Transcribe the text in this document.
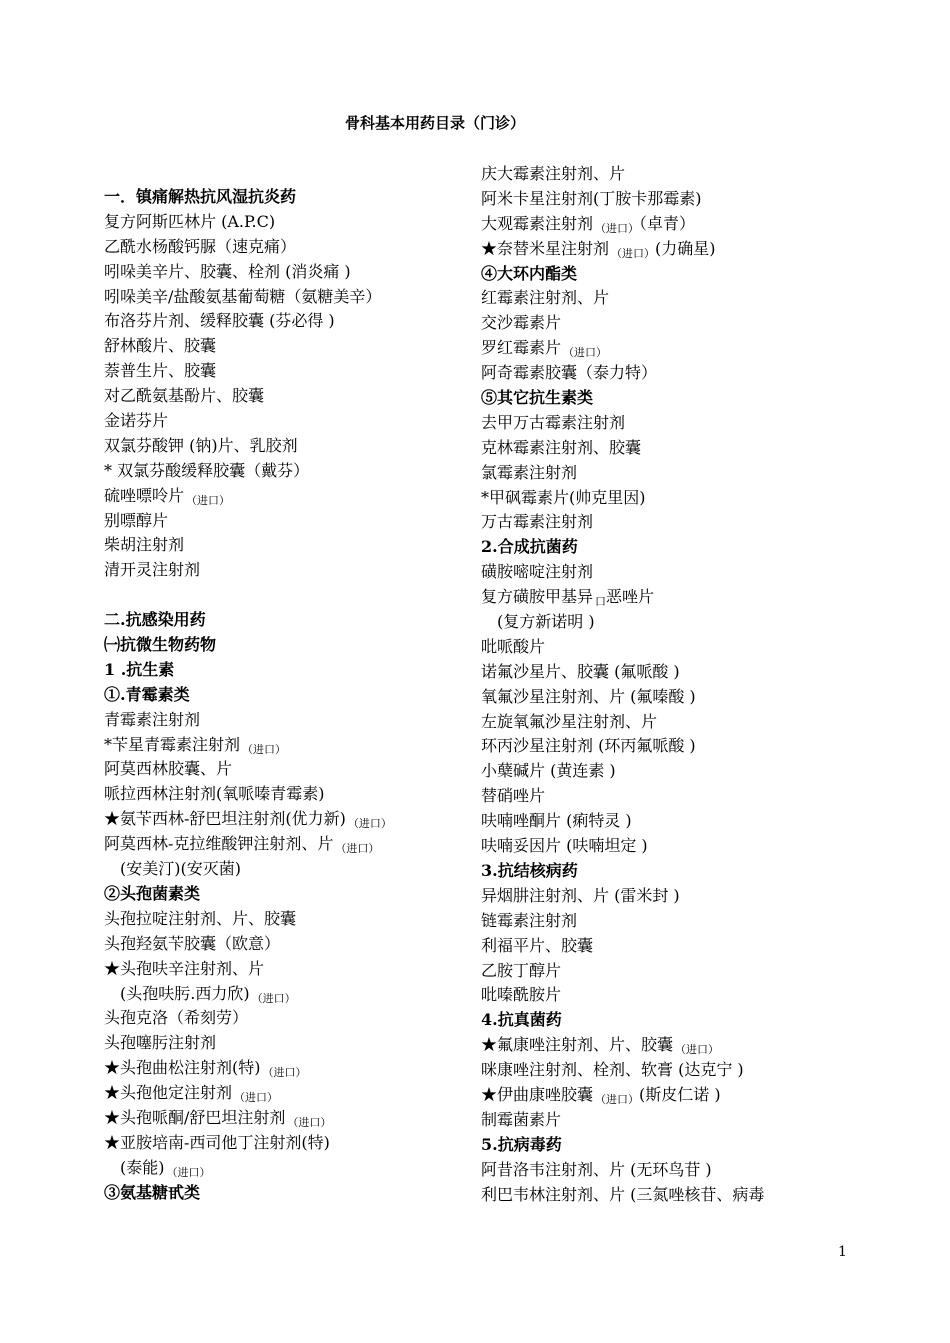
骨科基本用药目录（门诊）
一．镇痛解热抗风湿抗炎药
复方阿斯匹林片 (A.P.C)
乙酰水杨酸钙脲（速克痛）
吲哚美辛片、胶囊、栓剂 (消炎痛 )
吲哚美辛/盐酸氨基葡萄糖（氨糖美辛）
布洛芬片剂、缓释胶囊 (芬必得 )
舒林酸片、胶囊
萘普生片、胶囊
对乙酰氨基酚片、胶囊
金诺芬片
双氯芬酸钾 (钠)片、乳胶剂
* 双氯芬酸缓释胶囊（戴芬）
硫唑嘌呤片 （进口）
别嘌醇片
柴胡注射剂
清开灵注射剂
二.抗感染用药
㈠抗微生物药物
1 .抗生素
①.青霉素类
青霉素注射剂
*苄星青霉素注射剂 （进口）
阿莫西林胶囊、片
哌拉西林注射剂(氧哌嗪青霉素)
★氨苄西林-舒巴坦注射剂(优力新) （进口）
阿莫西林-克拉维酸钾注射剂、片 （进口）
(安美汀)(安灭菌)
②头孢菌素类
头孢拉啶注射剂、片、胶囊
头孢羟氨苄胶囊（欧意）
★头孢呋辛注射剂、片
(头孢呋肟.西力欣) （进口）
头孢克洛（希刻劳）
头孢噻肟注射剂
★头孢曲松注射剂(特) （进口）
★头孢他定注射剂 （进口）
★头孢哌酮/舒巴坦注射剂 （进口）
★亚胺培南-西司他丁注射剂(特)
(泰能) （进口）
③氨基糖甙类
庆大霉素注射剂、片
阿米卡星注射剂(丁胺卡那霉素)
大观霉素注射剂 （进口）（卓青）
★奈替米星注射剂 （进口）(力确星)
④大环内酯类
红霉素注射剂、片
交沙霉素片
罗红霉素片 （进口）
阿奇霉素胶囊（泰力特）
⑤其它抗生素类
去甲万古霉素注射剂
克林霉素注射剂、胶囊
氯霉素注射剂
*甲砜霉素片(帅克里因)
万古霉素注射剂
2.合成抗菌药
磺胺嘧啶注射剂
复方磺胺甲基异 口恶唑片
(复方新诺明 )
吡哌酸片
诺氟沙星片、胶囊 (氟哌酸 )
氧氟沙星注射剂、片 (氟嗪酸 )
左旋氧氟沙星注射剂、片
环丙沙星注射剂 (环丙氟哌酸 )
小蘖碱片 (黄连素 )
替硝唑片
呋喃唑酮片 (痢特灵 )
呋喃妥因片 (呋喃坦定 )
3.抗结核病药
异烟肼注射剂、片 (雷米封 )
链霉素注射剂
利福平片、胶囊
乙胺丁醇片
吡嗪酰胺片
4.抗真菌药
★氟康唑注射剂、片、胶囊 （进口）
咪康唑注射剂、栓剂、软膏 (达克宁 )
★伊曲康唑胶囊 （进口）(斯皮仁诺 )
制霉菌素片
5.抗病毒药
阿昔洛韦注射剂、片 (无环鸟苷 )
利巴韦林注射剂、片 (三氮唑核苷、病毒
1
